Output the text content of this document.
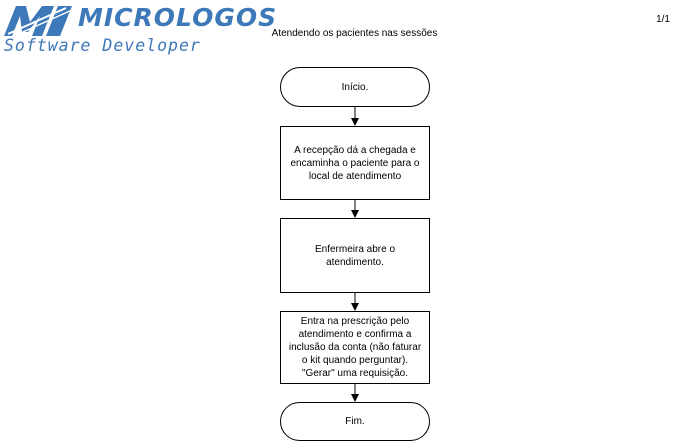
MICROLOGOS
Software Developer
1/1
Atendendo os pacientes nas sessões
Início.
A recepção dá a chegada e encaminha o paciente para o local de atendimento
Enfermeira abre o atendimento.
Entra na prescrição pelo atendimento e confirma a inclusão da conta (não faturar o kit quando perguntar). "Gerar" uma requisição.
Fim.
